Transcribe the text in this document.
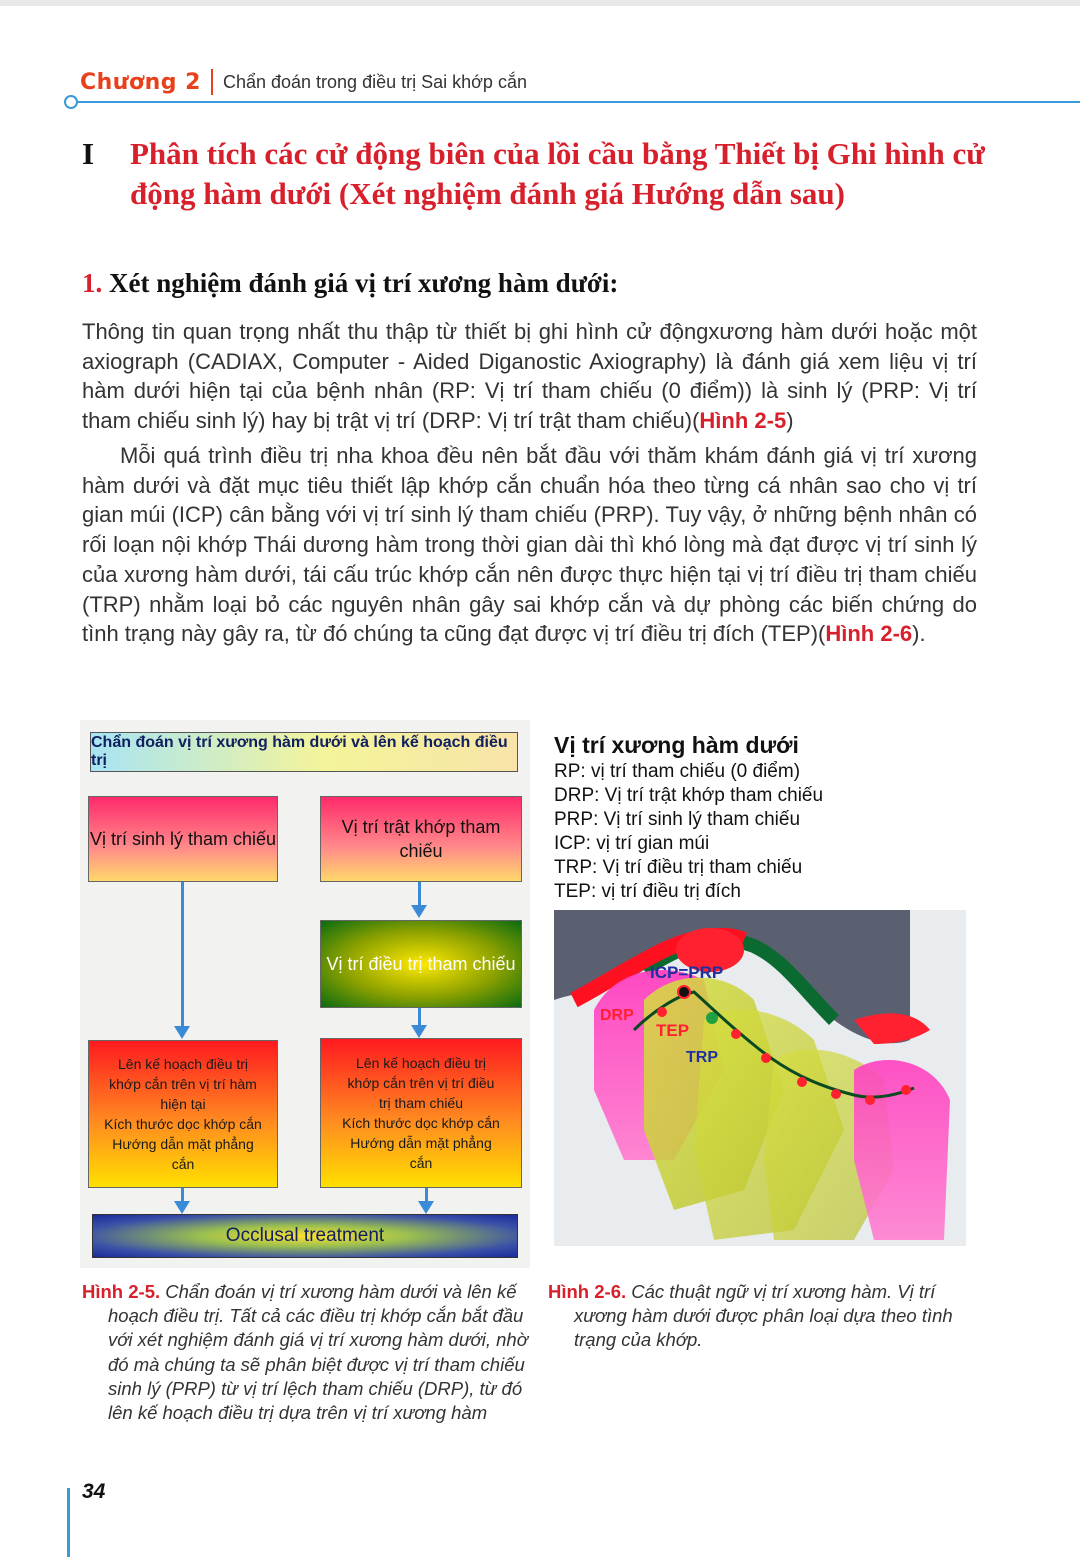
Chương 2 Chẩn đoán trong điều trị Sai khớp cắn
I Phân tích các cử động biên của lồi cầu bằng Thiết bị Ghi hình cử động hàm dưới (Xét nghiệm đánh giá Hướng dẫn sau)
1. Xét nghiệm đánh giá vị trí xương hàm dưới:
Thông tin quan trọng nhất thu thập từ thiết bị ghi hình cử độngxương hàm dưới hoặc một axiograph (CADIAX, Computer - Aided Diganostic Axiography) là đánh giá xem liệu vị trí hàm dưới hiện tại của bệnh nhân (RP: Vị trí tham chiếu (0 điểm)) là sinh lý (PRP: Vị trí tham chiếu sinh lý) hay bị trật vị trí (DRP: Vị trí trật tham chiếu)(Hình 2-5)
Mỗi quá trình điều trị nha khoa đều nên bắt đầu với thăm khám đánh giá vị trí xương hàm dưới và đặt mục tiêu thiết lập khớp cắn chuẩn hóa theo từng cá nhân sao cho vị trí gian múi (ICP) cân bằng với vị trí sinh lý tham chiếu (PRP). Tuy vậy, ở những bệnh nhân có rối loạn nội khớp Thái dương hàm trong thời gian dài thì khó lòng mà đạt được vị trí sinh lý của xương hàm dưới, tái cấu trúc khớp cắn nên được thực hiện tại vị trí điều trị tham chiếu (TRP) nhằm loại bỏ các nguyên nhân gây sai khớp cắn và dự phòng các biến chứng do tình trạng này gây ra, từ đó chúng ta cũng đạt được vị trí điều trị đích (TEP)(Hình 2-6).
Chẩn đoán vị trí xương hàm dưới và lên kế hoạch điều trị
Vị trí sinh lý tham chiếu
Vị trí trật khớp tham chiếu
Vị trí điều trị tham chiếu
Lên kế hoạch điều trị
khớp cắn trên vị trí hàm
hiện tại
Kích thước dọc khớp cắn
Hướng dẫn mặt phẳng
cắn
Lên kế hoạch điều trị
khớp cắn trên vị trí điều
trị tham chiếu
Kích thước dọc khớp cắn
Hướng dẫn mặt phẳng
cắn
Occlusal treatment
Vị trí xương hàm dưới
RP: vị trí tham chiếu (0 điểm)
DRP: Vị trí trật khớp tham chiếu
PRP: Vị trí sinh lý tham chiếu
ICP: vị trí gian múi
TRP: Vị trí điều trị tham chiếu
TEP: vị trí điều trị đích
ICP=PRP
DRP
TEP
TRP
Hình 2-5. Chẩn đoán vị trí xương hàm dưới và lên kế hoạch điều trị. Tất cả các điều trị khớp cắn bắt đầu với xét nghiệm đánh giá vị trí xương hàm dưới, nhờ đó mà chúng ta sẽ phân biệt được vị trí tham chiếu sinh lý (PRP) từ vị trí lệch tham chiếu (DRP), từ đó lên kế hoạch điều trị dựa trên vị trí xương hàm
Hình 2-6. Các thuật ngữ vị trí xương hàm. Vị trí xương hàm dưới được phân loại dựa theo tình trạng của khớp.
34
